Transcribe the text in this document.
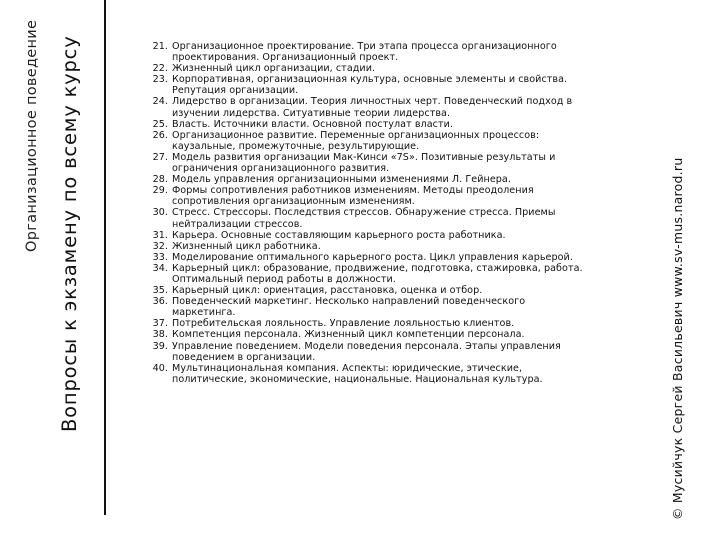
Организационное поведение Вопросы к экзамену по всему курсу	21. Организационное проектирование. Три этапа процесса организационного
проектирования. Организационный проект.
22. Жизненный цикл организации, стадии.
23. Корпоративная, организационная культура, основные элементы и свойства.
Репутация организации.
24. Лидерство в организации. Теория личностных черт. Поведенческий подход в
изучении лидерства. Ситуативные теории лидерства.
25. Власть. Источники власти. Основной постулат власти.
26. Организационное развитие. Переменные организационных процессов:
каузальные, промежуточные, результирующие.
27. Модель развития организации Мак-Кинси «7S». Позитивные результаты и
ограничения организационного развития.
28. Модель управления организационными изменениями Л. Гейнера.
29. Формы сопротивления работников изменениям. Методы преодоления
сопротивления организационным изменениям.
30. Стресс. Стрессоры. Последствия стрессов. Обнаружение стресса. Приемы
нейтрализации стрессов.
31. Карьера. Основные составляющим карьерного роста работника.
32. Жизненный цикл работника.
33. Моделирование оптимального карьерного роста. Цикл управления карьерой.
34. Карьерный цикл: образование, продвижение, подготовка, стажировка, работа.
Оптимальный период работы в должности.
35. Карьерный цикл: ориентация, расстановка, оценка и отбор.
36. Поведенческий маркетинг. Несколько направлений поведенческого
маркетинга.
37. Потребительская лояльность. Управление лояльностью клиентов.
38. Компетенция персонала. Жизненный цикл компетенции персонала.
39. Управление поведением. Модели поведения персонала. Этапы управления
поведением в организации.
40. Мультинациональная компания. Аспекты: юридические, этические,
политические, экономические, национальные. Национальная культура.	© Мусийчук Сергей Васильевич www.sv-mus.narod.ru
